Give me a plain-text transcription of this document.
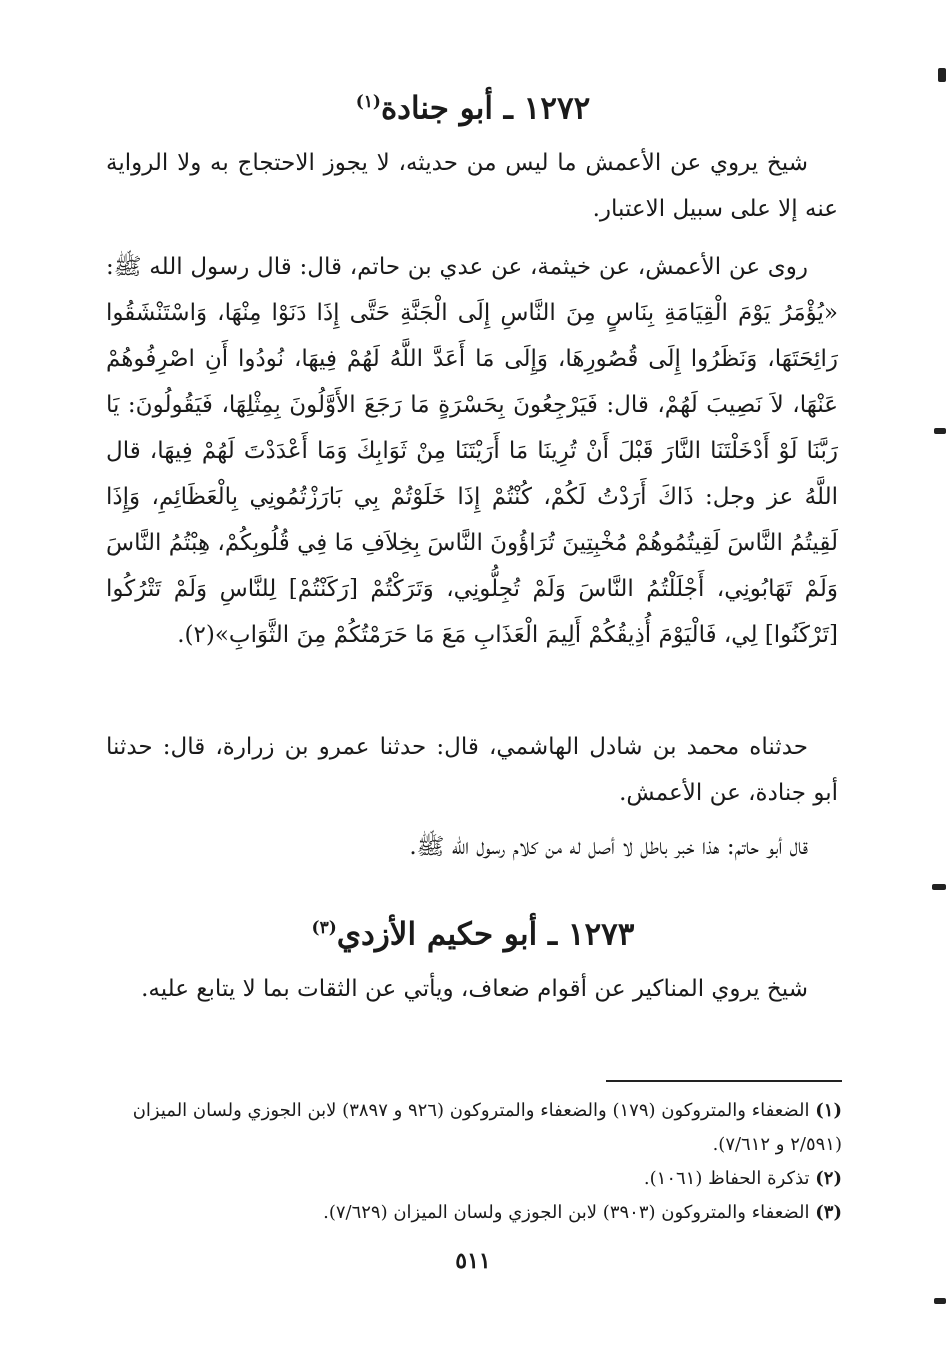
١٢٧٢ ـ أبو جنادة$^{(١)}$

شيخ يروي عن الأعمش ما ليس من حديثه، لا يجوز الاحتجاج به ولا الرواية عنه إلا على سبيل الاعتبار.

روى عن الأعمش، عن خيثمة، عن عدي بن حاتم، قال: قال رسول الله ﷺ: «يُؤْمَرُ يَوْمَ الْقِيَامَةِ بِنَاسٍ مِنَ النَّاسِ إِلَى الْجَنَّةِ حَتَّى إِذَا دَنَوْا مِنْهَا، وَاسْتَنْشَقُوا رَائِحَتَهَا، وَنَظَرُوا إِلَى قُصُورِهَا، وَإِلَى مَا أَعَدَّ اللَّهُ لَهُمْ فِيهَا، نُودُوا أَنِ اصْرِفُوهُمْ عَنْهَا، لاَ نَصِيبَ لَهُمْ، قال: فَيَرْجِعُونَ بِحَسْرَةٍ مَا رَجَعَ الأَوَّلُونَ بِمِثْلِهَا، فَيَقُولُونَ: يَا رَبَّنَا لَوْ أَدْخَلْتَنَا النَّارَ قَبْلَ أَنْ تُرِينَا مَا أَرَيْتَنَا مِنْ ثَوَابِكَ وَمَا أَعْدَدْتَ لَهُمْ فِيهَا، قال اللَّهُ عز وجل: ذَاكَ أَرَدْتُ لَكُمْ، كُنْتُمْ إِذَا خَلَوْتُمْ بِي بَارَزْتُمُونِي بِالْعَظَائِمِ، وَإِذَا لَقِيتُمُ النَّاسَ لَقِيتُمُوهُمْ مُخْبِتِينَ تُرَاؤُونَ النَّاسَ بِخِلاَفِ مَا فِي قُلُوبِكُمْ، هِبْتُمُ النَّاسَ وَلَمْ تَهَابُونِي، أَجْلَلْتُمُ النَّاسَ وَلَمْ تُجِلُّونِي، وَتَرَكْتُمْ [رَكَنْتُمْ] لِلنَّاسِ وَلَمْ تَتْرُكُوا [تَرْكَنُوا] لِي، فَالْيَوْمَ أُذِيقُكُمْ أَلِيمَ الْعَذَابِ مَعَ مَا حَرَمْتُكُمْ مِنَ الثَّوَابِ»(٢).

حدثناه محمد بن شادل الهاشمي، قال: حدثنا عمرو بن زرارة، قال: حدثنا أبو جنادة، عن الأعمش.

قال أبو حاتم: هذا خبر باطل لا أصل له من كلام رسول الله ﷺ.

١٢٧٣ ـ أبو حكيم الأزدي$^{(٣)}$

شيخ يروي المناكير عن أقوام ضعاف، ويأتي عن الثقات بما لا يتابع عليه.

(١) الضعفاء والمتروكون (١٧٩) والضعفاء والمتروكون (٩٢٦ و ٣٨٩٧) لابن الجوزي ولسان الميزان (٢/٥٩١ و ٧/٦١٢).
(٢) تذكرة الحفاظ (١٠٦١).
(٣) الضعفاء والمتروكون (٣٩٠٣) لابن الجوزي ولسان الميزان (٧/٦٢٩).
٥١١
